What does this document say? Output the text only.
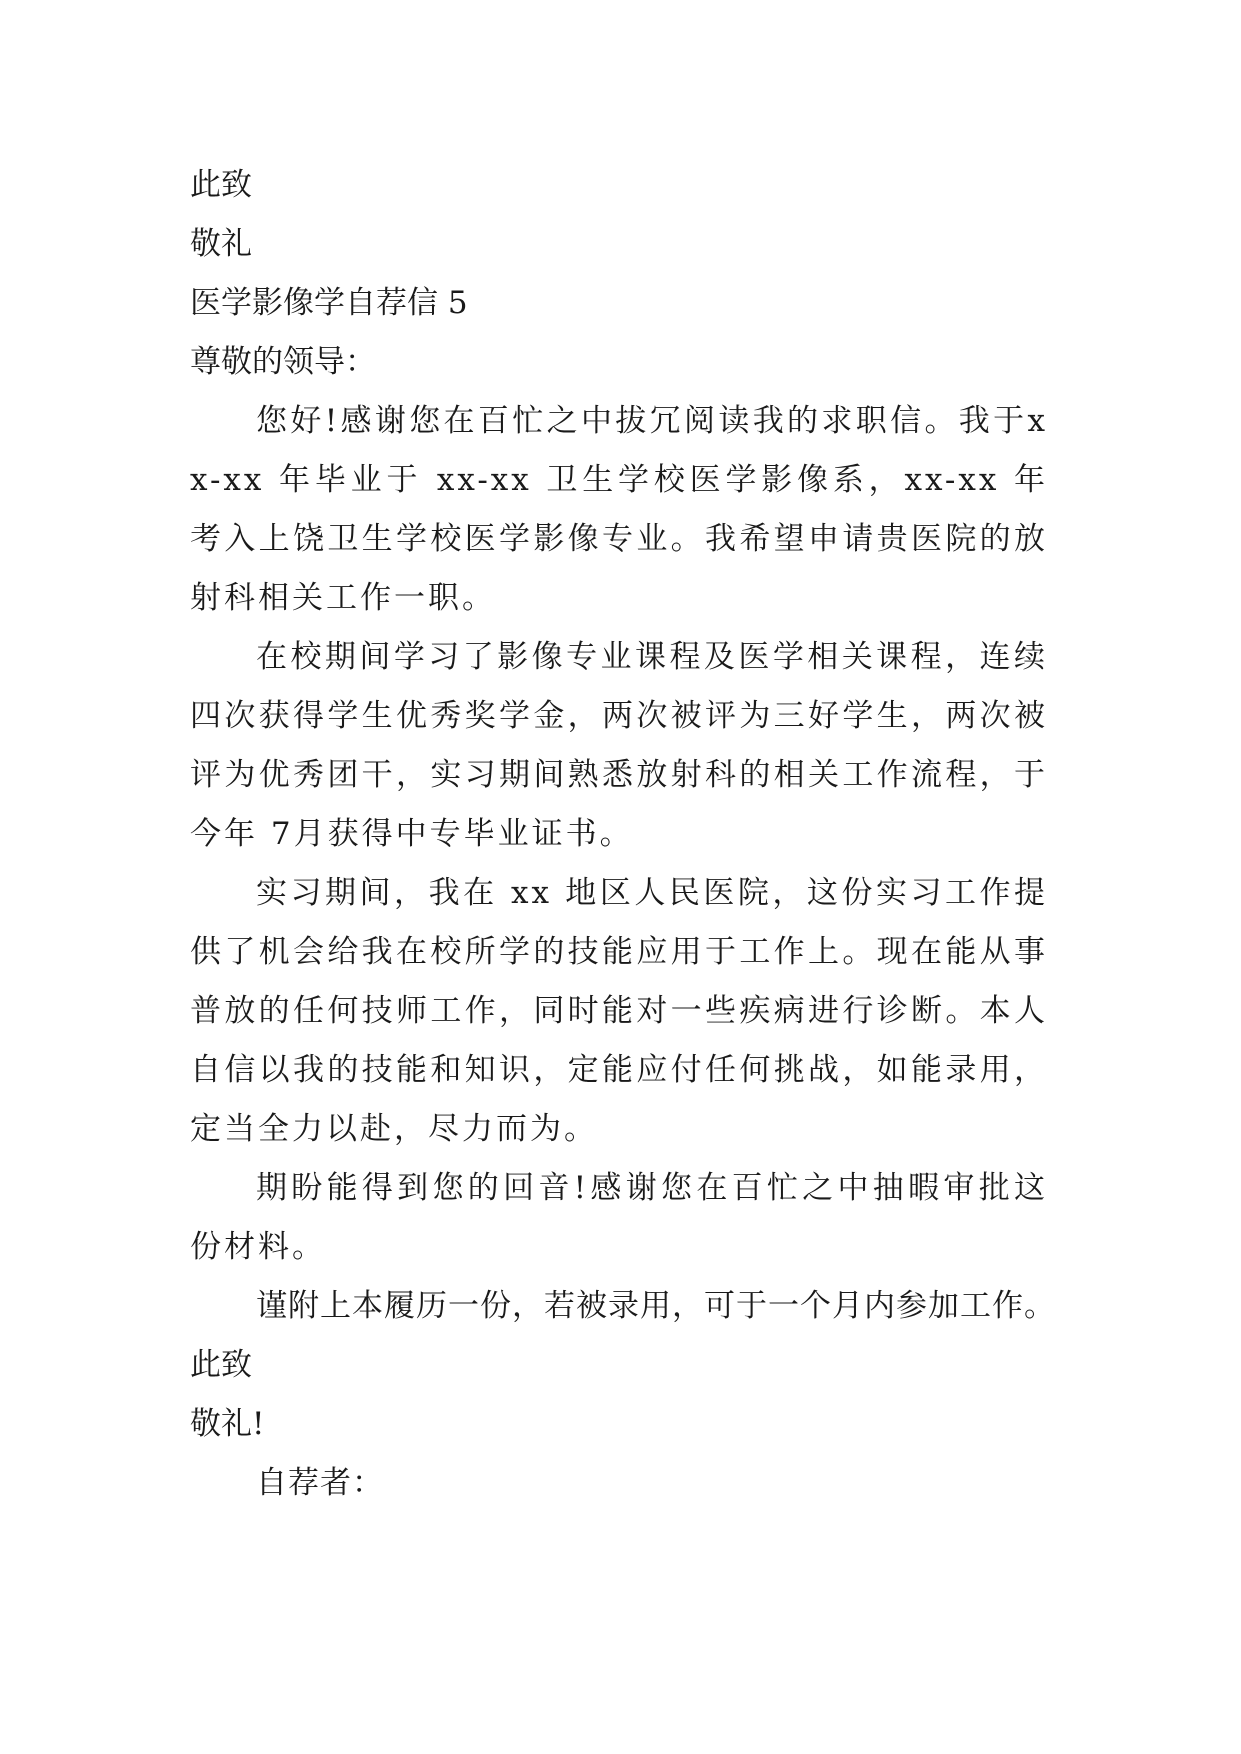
此致

敬礼

医学影像学自荐信 5

尊敬的领导：

您好!感谢您在百忙之中拔冗阅读我的求职信。我于xx-xx 年毕业于 xx-xx 卫生学校医学影像系，xx-xx 年考入上饶卫生学校医学影像专业。我希望申请贵医院的放射科相关工作一职。

在校期间学习了影像专业课程及医学相关课程，连续四次获得学生优秀奖学金，两次被评为三好学生，两次被评为优秀团干，实习期间熟悉放射科的相关工作流程，于今年 7月获得中专毕业证书。

实习期间，我在 xx 地区人民医院，这份实习工作提供了机会给我在校所学的技能应用于工作上。现在能从事普放的任何技师工作，同时能对一些疾病进行诊断。本人自信以我的技能和知识，定能应付任何挑战，如能录用，定当全力以赴，尽力而为。

期盼能得到您的回音!感谢您在百忙之中抽暇审批这份材料。

谨附上本履历一份，若被录用，可于一个月内参加工作。

此致

敬礼!

自荐者：
